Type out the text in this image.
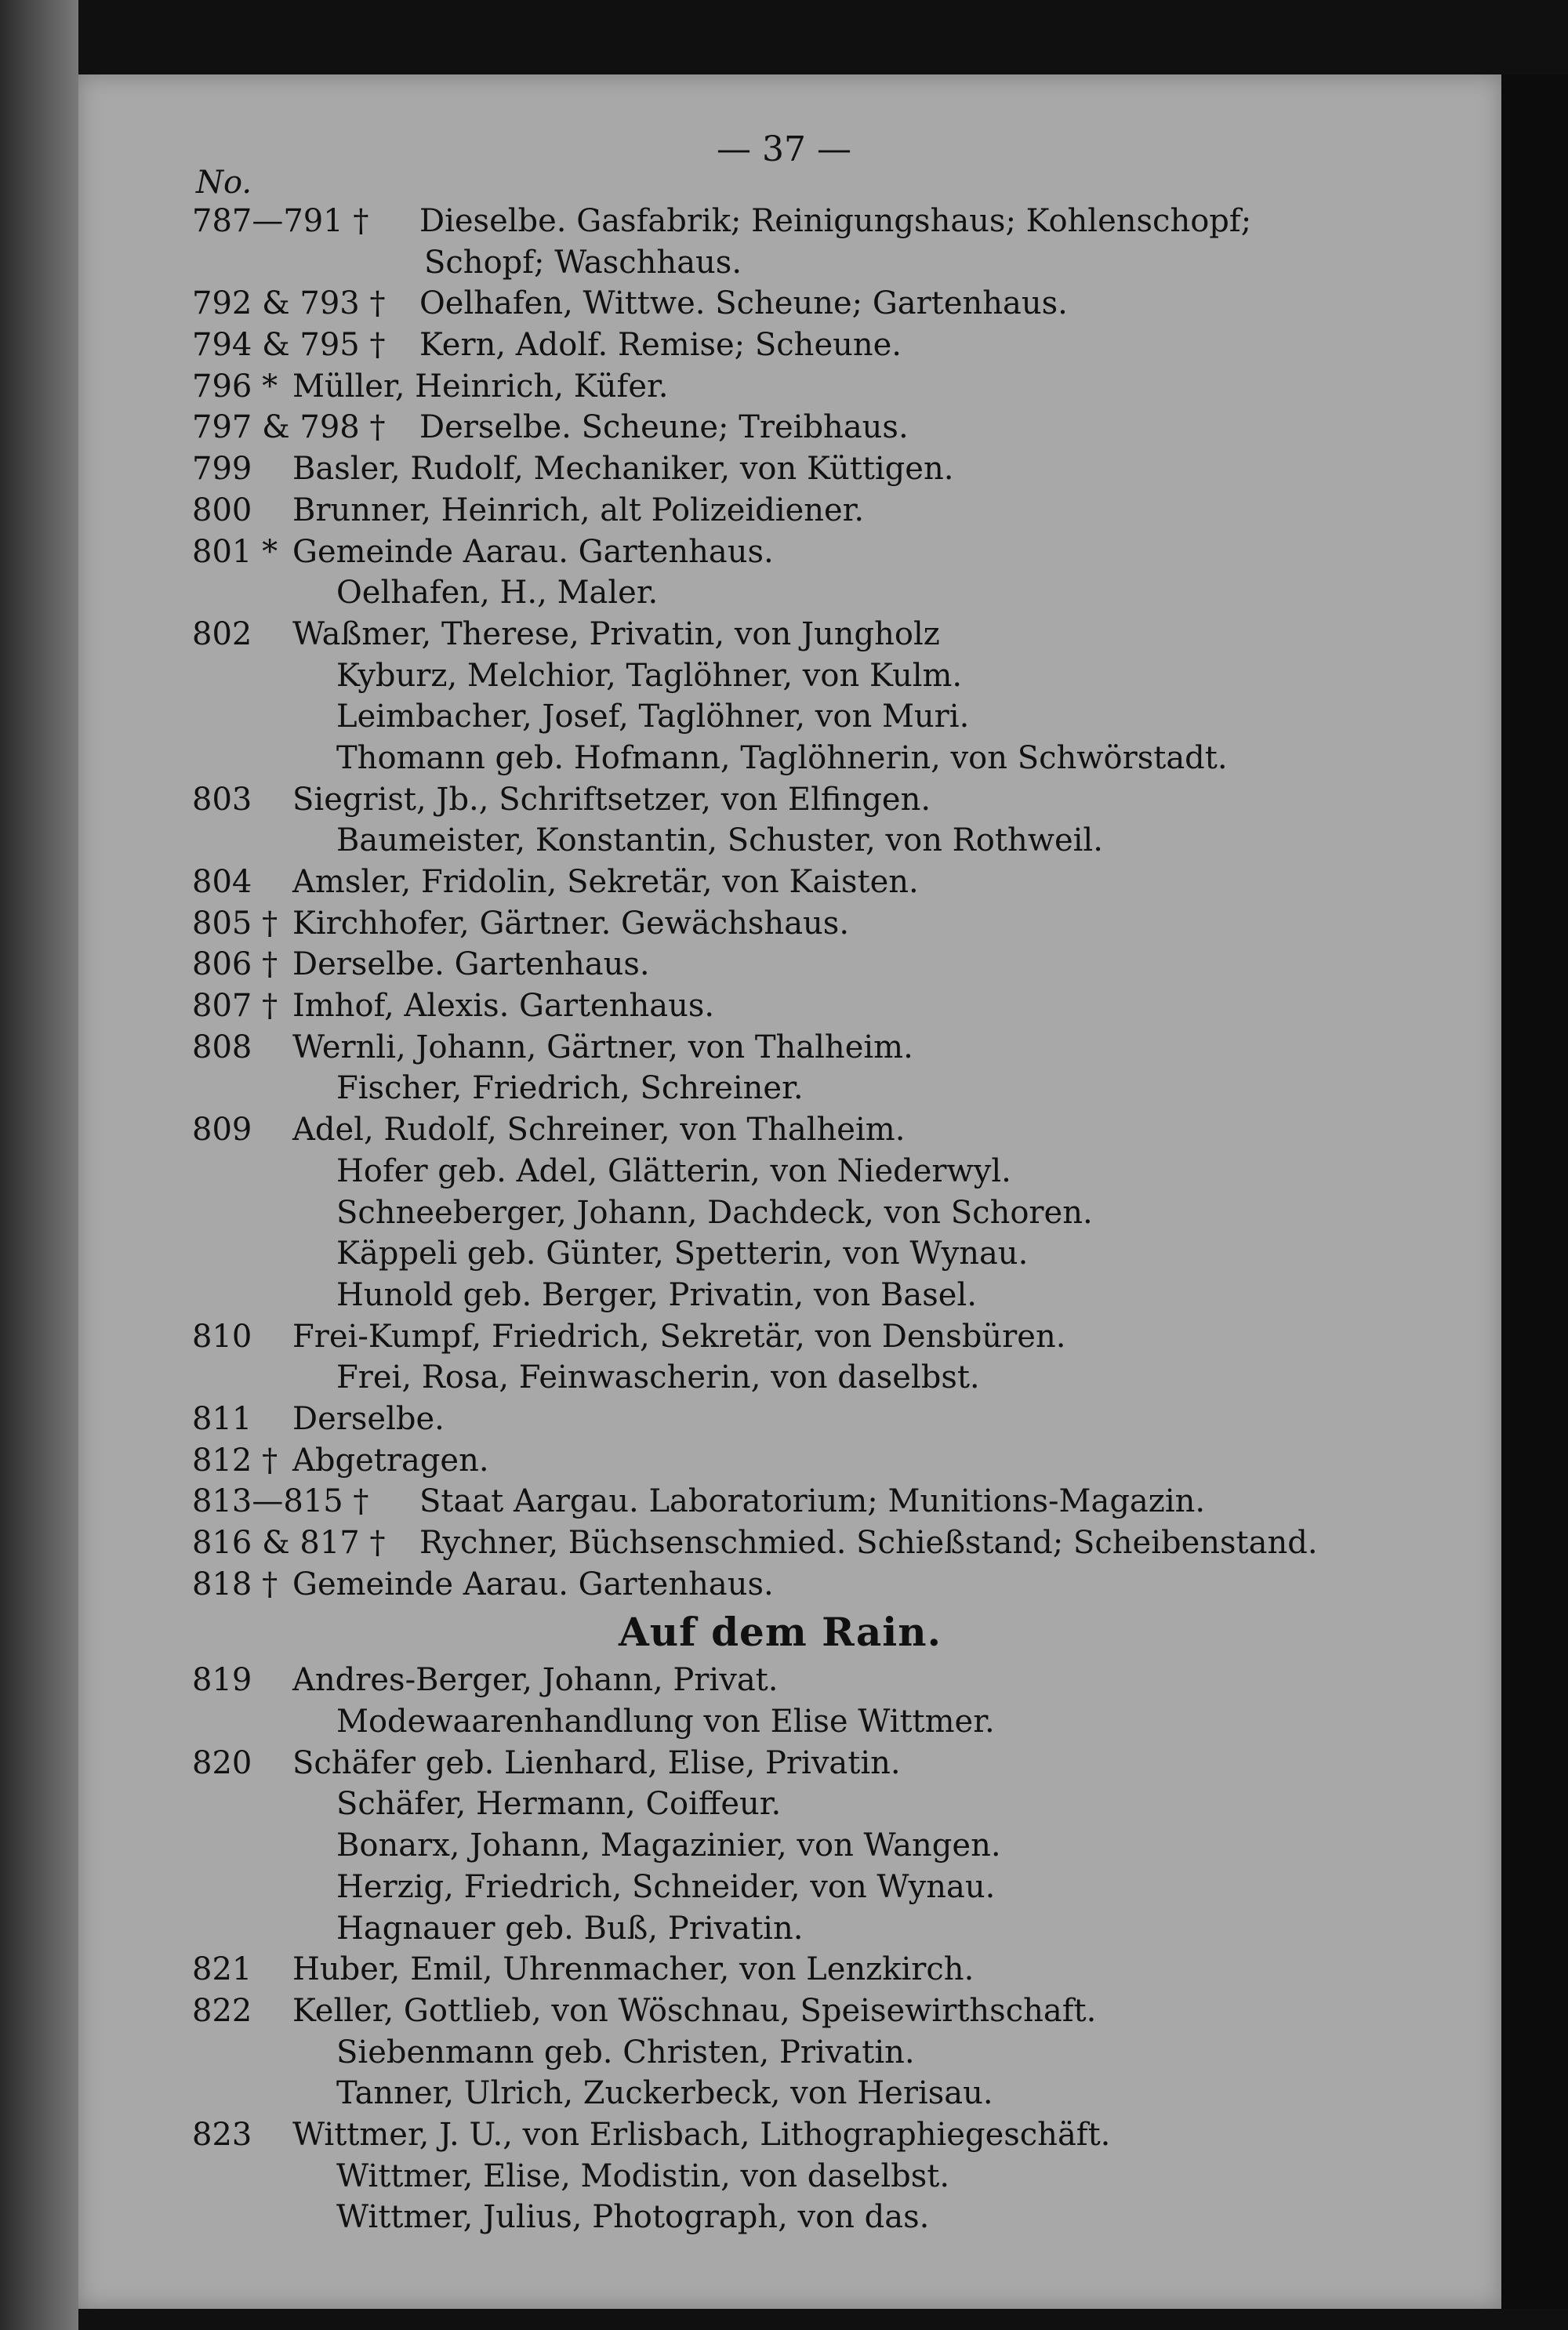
— 37 —
No.
787—791 † Dieselbe. Gasfabrik; Reinigungshaus; Kohlenschopf;
Schopf; Waschhaus.
792 & 793 † Oelhafen, Wittwe. Scheune; Gartenhaus.
794 & 795 † Kern, Adolf. Remise; Scheune.
796 * Müller, Heinrich, Küfer.
797 & 798 † Derselbe. Scheune; Treibhaus.
799 Basler, Rudolf, Mechaniker, von Küttigen.
800 Brunner, Heinrich, alt Polizeidiener.
801 * Gemeinde Aarau. Gartenhaus.
Oelhafen, H., Maler.
802 Waßmer, Therese, Privatin, von Jungholz
Kyburz, Melchior, Taglöhner, von Kulm.
Leimbacher, Josef, Taglöhner, von Muri.
Thomann geb. Hofmann, Taglöhnerin, von Schwörstadt.
803 Siegrist, Jb., Schriftsetzer, von Elfingen.
Baumeister, Konstantin, Schuster, von Rothweil.
804 Amsler, Fridolin, Sekretär, von Kaisten.
805 † Kirchhofer, Gärtner. Gewächshaus.
806 † Derselbe. Gartenhaus.
807 † Imhof, Alexis. Gartenhaus.
808 Wernli, Johann, Gärtner, von Thalheim.
Fischer, Friedrich, Schreiner.
809 Adel, Rudolf, Schreiner, von Thalheim.
Hofer geb. Adel, Glätterin, von Niederwyl.
Schneeberger, Johann, Dachdeck, von Schoren.
Käppeli geb. Günter, Spetterin, von Wynau.
Hunold geb. Berger, Privatin, von Basel.
810 Frei-Kumpf, Friedrich, Sekretär, von Densbüren.
Frei, Rosa, Feinwascherin, von daselbst.
811 Derselbe.
812 † Abgetragen.
813—815 † Staat Aargau. Laboratorium; Munitions-Magazin.
816 & 817 † Rychner, Büchsenschmied. Schießstand; Scheibenstand.
818 † Gemeinde Aarau. Gartenhaus.
Auf dem Rain.
819 Andres-Berger, Johann, Privat.
Modewaarenhandlung von Elise Wittmer.
820 Schäfer geb. Lienhard, Elise, Privatin.
Schäfer, Hermann, Coiffeur.
Bonarx, Johann, Magazinier, von Wangen.
Herzig, Friedrich, Schneider, von Wynau.
Hagnauer geb. Buß, Privatin.
821 Huber, Emil, Uhrenmacher, von Lenzkirch.
822 Keller, Gottlieb, von Wöschnau, Speisewirthschaft.
Siebenmann geb. Christen, Privatin.
Tanner, Ulrich, Zuckerbeck, von Herisau.
823 Wittmer, J. U., von Erlisbach, Lithographiegeschäft.
Wittmer, Elise, Modistin, von daselbst.
Wittmer, Julius, Photograph, von das.
